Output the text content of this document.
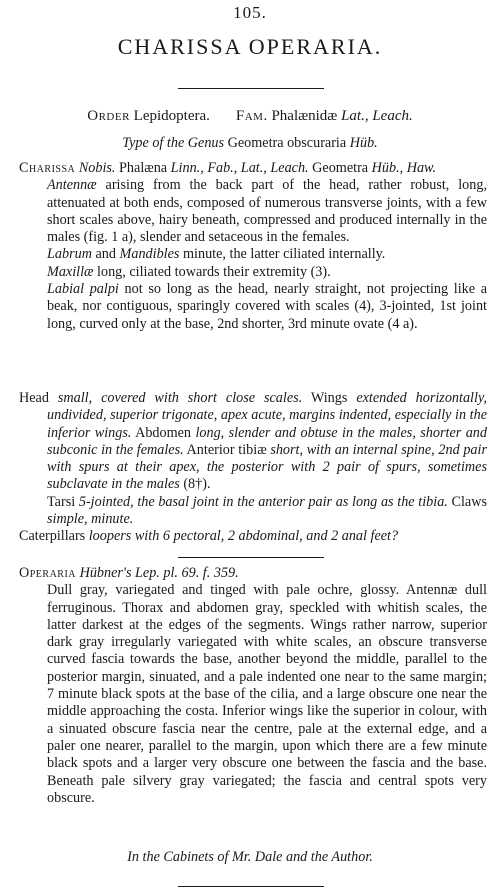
105.
CHARISSA OPERARIA.
Order Lepidoptera. Fam. Phalænidæ Lat., Leach.
Type of the Genus Geometra obscuraria Hüb.

Charissa Nobis. Phalæna Linn., Fab., Lat., Leach. Geometra Hüb., Haw.

Antennæ arising from the back part of the head, rather robust, long, attenuated at both ends, composed of numerous transverse joints, with a few short scales above, hairy beneath, compressed and produced internally in the males (fig. 1 a), slender and setaceous in the females.

Labrum and Mandibles minute, the latter ciliated internally.

Maxillæ long, ciliated towards their extremity (3).

Labial palpi not so long as the head, nearly straight, not projecting like a beak, nor contiguous, sparingly covered with scales (4), 3-jointed, 1st joint long, curved only at the base, 2nd shorter, 3rd minute ovate (4 a).

Head small, covered with short close scales. Wings extended horizontally, undivided, superior trigonate, apex acute, margins indented, especially in the inferior wings. Abdomen long, slender and obtuse in the males, shorter and subconic in the females. Anterior tibiæ short, with an internal spine, 2nd pair with spurs at their apex, the posterior with 2 pair of spurs, sometimes subclavate in the males (8†).

Tarsi 5-jointed, the basal joint in the anterior pair as long as the tibia. Claws simple, minute.

Caterpillars loopers with 6 pectoral, 2 abdominal, and 2 anal feet?

Operaria Hübner's Lep. pl. 69. f. 359.

Dull gray, variegated and tinged with pale ochre, glossy. Antennæ dull ferruginous. Thorax and abdomen gray, speckled with whitish scales, the latter darkest at the edges of the segments. Wings rather narrow, superior dark gray irregularly variegated with white scales, an obscure transverse curved fascia towards the base, another beyond the middle, parallel to the posterior margin, sinuated, and a pale indented one near to the same margin; 7 minute black spots at the base of the cilia, and a large obscure one near the middle approaching the costa. Inferior wings like the superior in colour, with a sinuated obscure fascia near the centre, pale at the external edge, and a paler one nearer, parallel to the margin, upon which there are a few minute black spots and a larger very obscure one between the fascia and the base. Beneath pale silvery gray variegated; the fascia and central spots very obscure.

In the Cabinets of Mr. Dale and the Author.
